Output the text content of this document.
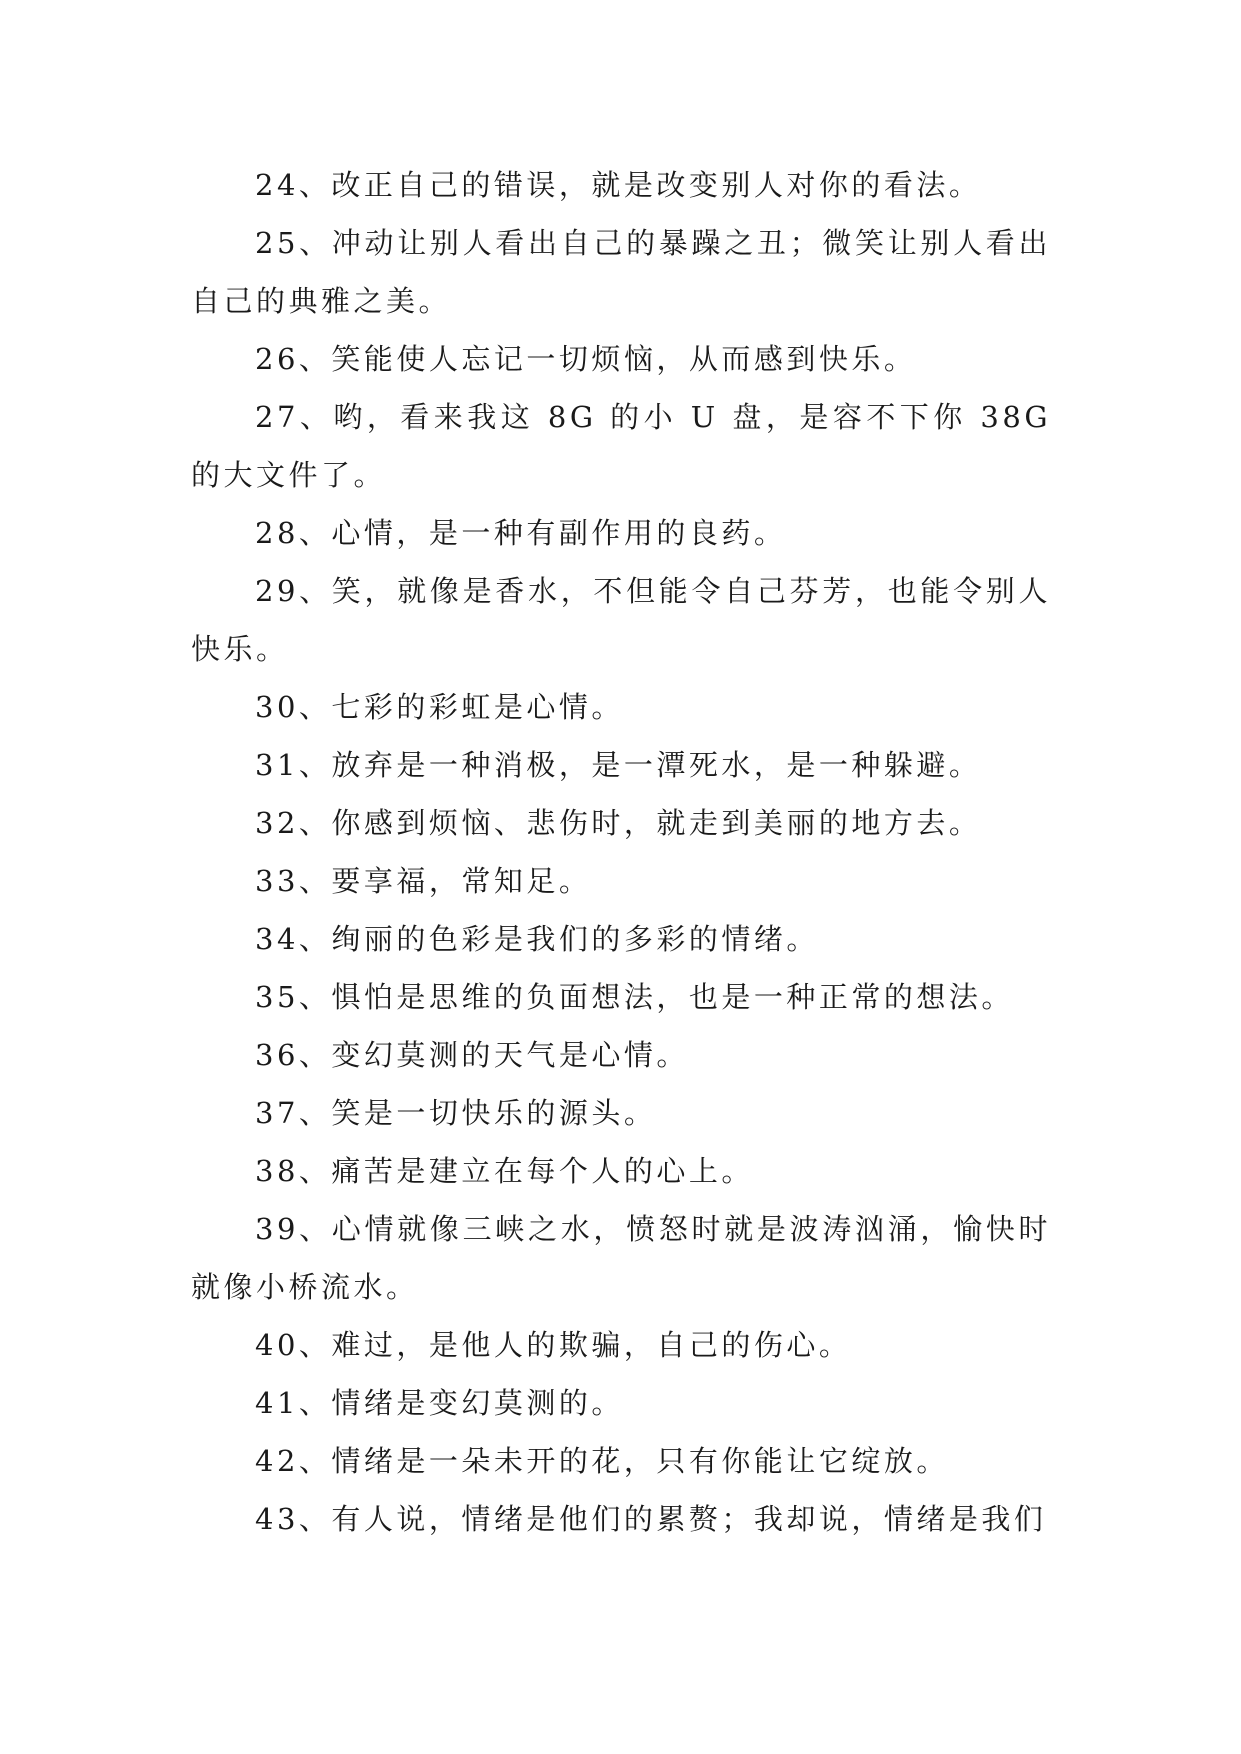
24、改正自己的错误，就是改变别人对你的看法。

25、冲动让别人看出自己的暴躁之丑；微笑让别人看出自己的典雅之美。

26、笑能使人忘记一切烦恼，从而感到快乐。

27、哟，看来我这 8G 的小 U 盘，是容不下你 38G 的大文件了。

28、心情，是一种有副作用的良药。

29、笑，就像是香水，不但能令自己芬芳，也能令别人快乐。

30、七彩的彩虹是心情。

31、放弃是一种消极，是一潭死水，是一种躲避。

32、你感到烦恼、悲伤时，就走到美丽的地方去。

33、要享福，常知足。

34、绚丽的色彩是我们的多彩的情绪。

35、惧怕是思维的负面想法，也是一种正常的想法。

36、变幻莫测的天气是心情。

37、笑是一切快乐的源头。

38、痛苦是建立在每个人的心上。

39、心情就像三峡之水，愤怒时就是波涛汹涌，愉快时就像小桥流水。

40、难过，是他人的欺骗，自己的伤心。

41、情绪是变幻莫测的。

42、情绪是一朵未开的花，只有你能让它绽放。

43、有人说，情绪是他们的累赘；我却说，情绪是我们
